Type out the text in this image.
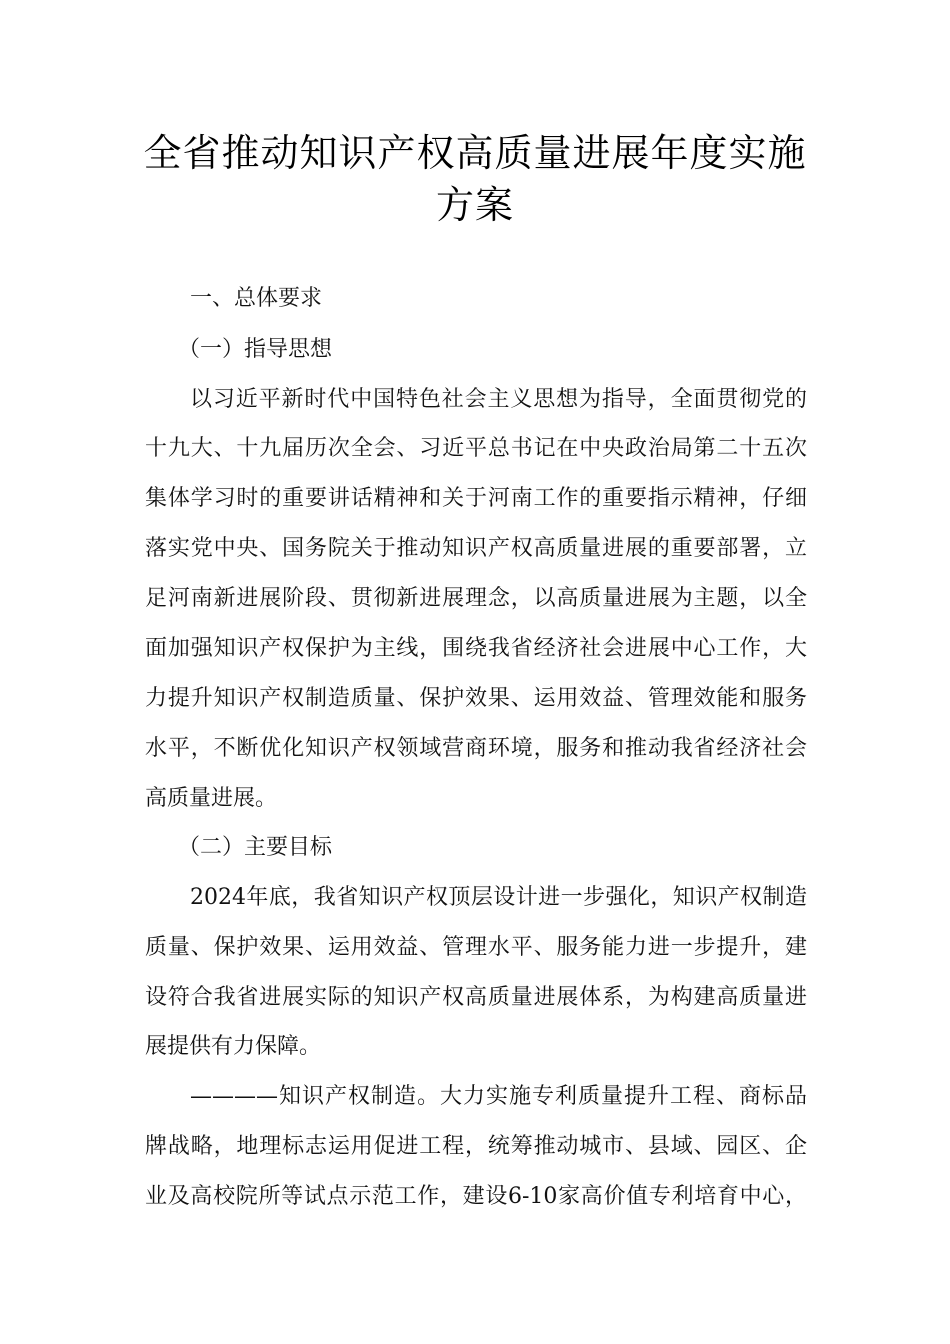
全省推动知识产权高质量进展年度实施
方案
一、总体要求
（一）指导思想
以习近平新时代中国特色社会主义思想为指导，全面贯彻党的
十九大、十九届历次全会、习近平总书记在中央政治局第二十五次
集体学习时的重要讲话精神和关于河南工作的重要指示精神，仔细
落实党中央、国务院关于推动知识产权高质量进展的重要部署，立
足河南新进展阶段、贯彻新进展理念，以高质量进展为主题，以全
面加强知识产权保护为主线，围绕我省经济社会进展中心工作，大
力提升知识产权制造质量、保护效果、运用效益、管理效能和服务
水平，不断优化知识产权领域营商环境，服务和推动我省经济社会
高质量进展。
（二）主要目标
2024年底，我省知识产权顶层设计进一步强化，知识产权制造
质量、保护效果、运用效益、管理水平、服务能力进一步提升，建
设符合我省进展实际的知识产权高质量进展体系，为构建高质量进
展提供有力保障。
————知识产权制造。大力实施专利质量提升工程、商标品
牌战略，地理标志运用促进工程，统筹推动城市、县域、园区、企
业及高校院所等试点示范工作，建设6-10家高价值专利培育中心，
